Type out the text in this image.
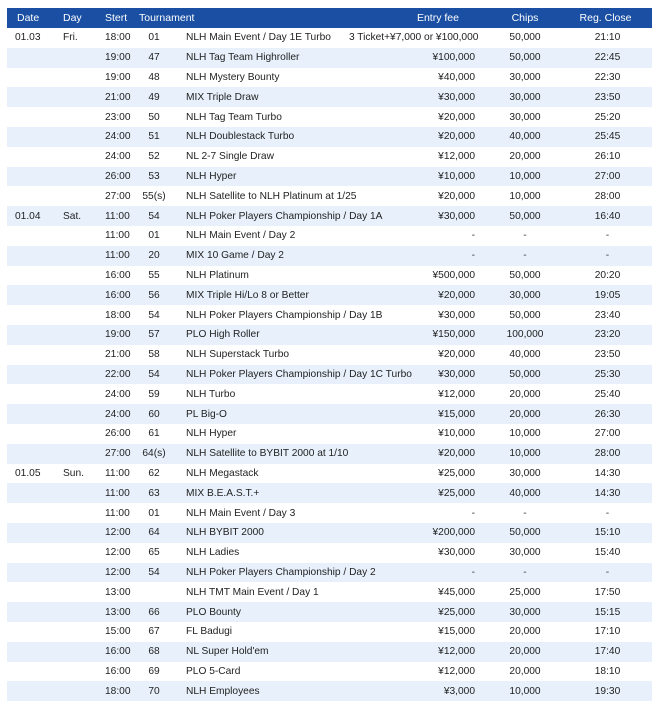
Date	Day	Stert	Tournament	Entry fee	Chips	Reg. Close
01.03	Fri.	18:00	01	NLH Main Event / Day 1E Turbo	3 Ticket+¥7,000 or ¥100,000	50,000	21:10
19:00	47	NLH Tag Team Highroller	¥100,000	50,000	22:45
19:00	48	NLH Mystery Bounty	¥40,000	30,000	22:30
21:00	49	MIX Triple Draw	¥30,000	30,000	23:50
23:00	50	NLH Tag Team Turbo	¥20,000	30,000	25:20
24:00	51	NLH Doublestack Turbo	¥20,000	40,000	25:45
24:00	52	NL 2-7 Single Draw	¥12,000	20,000	26:10
26:00	53	NLH Hyper	¥10,000	10,000	27:00
27:00	55(s)	NLH Satellite to NLH Platinum at 1/25	¥20,000	10,000	28:00
01.04	Sat.	11:00	54	NLH Poker Players Championship / Day 1A	¥30,000	50,000	16:40
11:00	01	NLH Main Event / Day 2	-	-	-
11:00	20	MIX 10 Game / Day 2	-	-	-
16:00	55	NLH Platinum	¥500,000	50,000	20:20
16:00	56	MIX Triple Hi/Lo 8 or Better	¥20,000	30,000	19:05
18:00	54	NLH Poker Players Championship / Day 1B	¥30,000	50,000	23:40
19:00	57	PLO High Roller	¥150,000	100,000	23:20
21:00	58	NLH Superstack Turbo	¥20,000	40,000	23:50
22:00	54	NLH Poker Players Championship / Day 1C Turbo	¥30,000	50,000	25:30
24:00	59	NLH Turbo	¥12,000	20,000	25:40
24:00	60	PL Big-O	¥15,000	20,000	26:30
26:00	61	NLH Hyper	¥10,000	10,000	27:00
27:00	64(s)	NLH Satellite to BYBIT 2000 at 1/10	¥20,000	10,000	28:00
01.05	Sun.	11:00	62	NLH Megastack	¥25,000	30,000	14:30
11:00	63	MIX B.E.A.S.T.+	¥25,000	40,000	14:30
11:00	01	NLH Main Event / Day 3	-	-	-
12:00	64	NLH BYBIT 2000	¥200,000	50,000	15:10
12:00	65	NLH Ladies	¥30,000	30,000	15:40
12:00	54	NLH Poker Players Championship / Day 2	-	-	-
13:00	NLH TMT Main Event / Day 1	¥45,000	25,000	17:50
13:00	66	PLO Bounty	¥25,000	30,000	15:15
15:00	67	FL Badugi	¥15,000	20,000	17:10
16:00	68	NL Super Hold'em	¥12,000	20,000	17:40
16:00	69	PLO 5-Card	¥12,000	20,000	18:10
18:00	70	NLH Employees	¥3,000	10,000	19:30
